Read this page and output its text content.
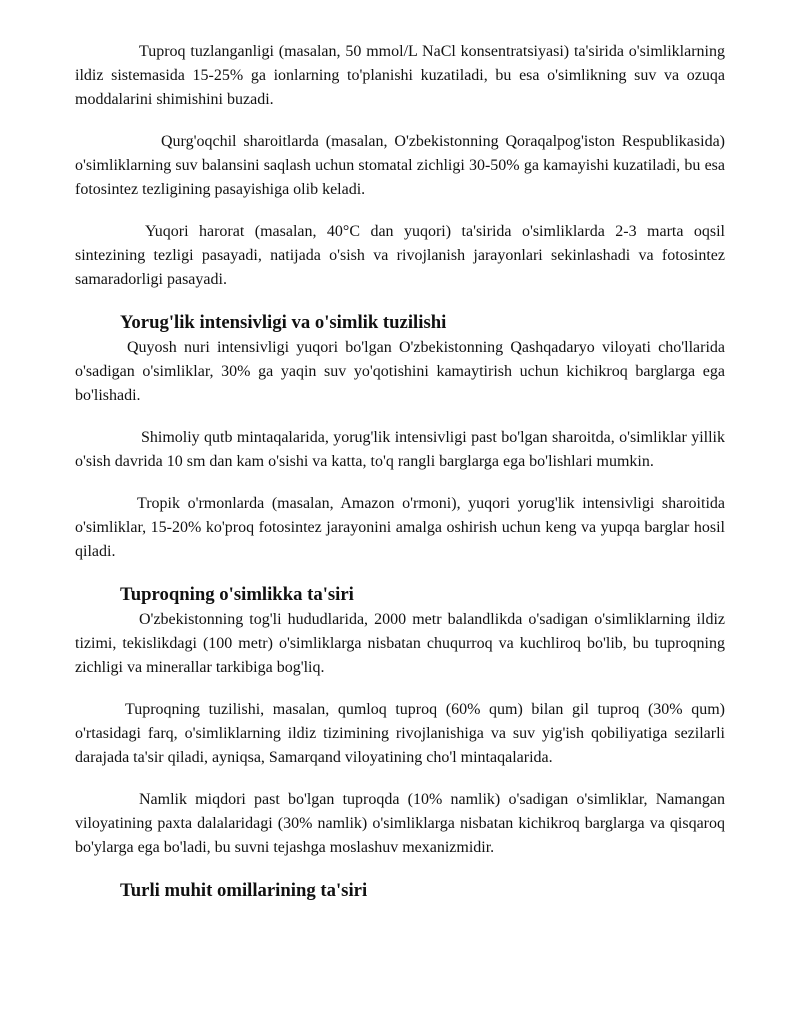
Tuproq tuzlanganligi (masalan, 50 mmol/L NaCl konsentratsiyasi) ta'sirida o'simliklarning ildiz sistemasida 15-25% ga ionlarning to'planishi kuzatiladi, bu esa o'simlikning suv va ozuqa moddalarini shimishini buzadi.

Qurg'oqchil sharoitlarda (masalan, O'zbekistonning Qoraqalpog'iston Respublikasida) o'simliklarning suv balansini saqlash uchun stomatal zichligi 30-50% ga kamayishi kuzatiladi, bu esa fotosintez tezligining pasayishiga olib keladi.

Yuqori harorat (masalan, 40°C dan yuqori) ta'sirida o'simliklarda 2-3 marta oqsil sintezining tezligi pasayadi, natijada o'sish va rivojlanish jarayonlari sekinlashadi va fotosintez samaradorligi pasayadi.

Yorug'lik intensivligi va o'simlik tuzilishi

Quyosh nuri intensivligi yuqori bo'lgan O'zbekistonning Qashqadaryo viloyati cho'llarida o'sadigan o'simliklar, 30% ga yaqin suv yo'qotishini kamaytirish uchun kichikroq barglarga ega bo'lishadi.

Shimoliy qutb mintaqalarida, yorug'lik intensivligi past bo'lgan sharoitda, o'simliklar yillik o'sish davrida 10 sm dan kam o'sishi va katta, to'q rangli barglarga ega bo'lishlari mumkin.

Tropik o'rmonlarda (masalan, Amazon o'rmoni), yuqori yorug'lik intensivligi sharoitida o'simliklar, 15-20% ko'proq fotosintez jarayonini amalga oshirish uchun keng va yupqa barglar hosil qiladi.

Tuproqning o'simlikka ta'siri

O'zbekistonning tog'li hududlarida, 2000 metr balandlikda o'sadigan o'simliklarning ildiz tizimi, tekislikdagi (100 metr) o'simliklarga nisbatan chuqurroq va kuchliroq bo'lib, bu tuproqning zichligi va minerallar tarkibiga bog'liq.

Tuproqning tuzilishi, masalan, qumloq tuproq (60% qum) bilan gil tuproq (30% qum) o'rtasidagi farq, o'simliklarning ildiz tizimining rivojlanishiga va suv yig'ish qobiliyatiga sezilarli darajada ta'sir qiladi, ayniqsa, Samarqand viloyatining cho'l mintaqalarida.

Namlik miqdori past bo'lgan tuproqda (10% namlik) o'sadigan o'simliklar, Namangan viloyatining paxta dalalaridagi (30% namlik) o'simliklarga nisbatan kichikroq barglarga va qisqaroq bo'ylarga ega bo'ladi, bu suvni tejashga moslashuv mexanizmidir.

Turli muhit omillarining ta'siri
